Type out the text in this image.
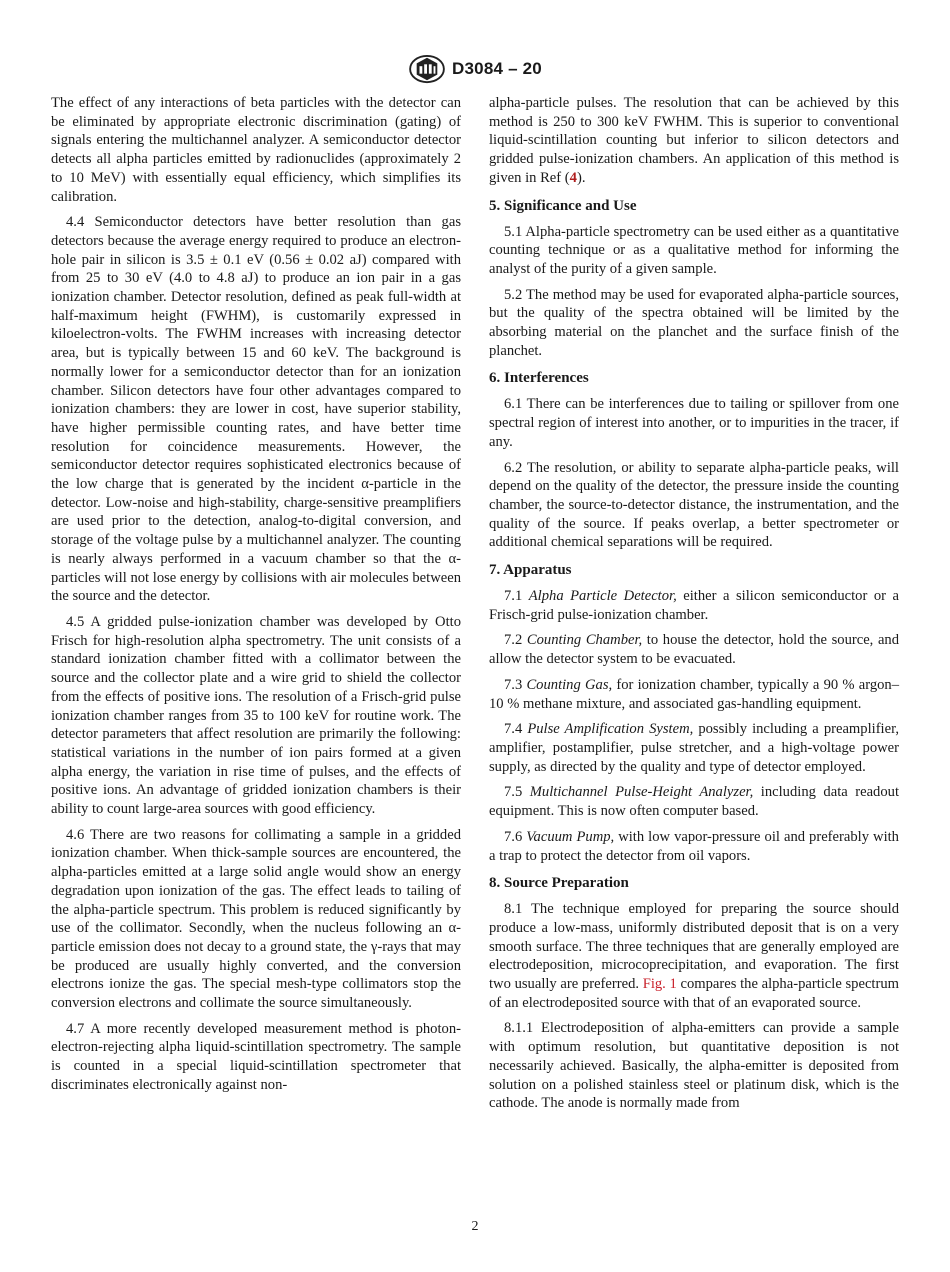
D3084 – 20

The effect of any interactions of beta particles with the detector can be eliminated by appropriate electronic discrimination (gating) of signals entering the multichannel analyzer. A semiconductor detector detects all alpha particles emitted by radionuclides (approximately 2 to 10 MeV) with essentially equal efficiency, which simplifies its calibration.

4.4 Semiconductor detectors have better resolution than gas detectors because the average energy required to produce an electron-hole pair in silicon is 3.5 ± 0.1 eV (0.56 ± 0.02 aJ) compared with from 25 to 30 eV (4.0 to 4.8 aJ) to produce an ion pair in a gas ionization chamber. Detector resolution, defined as peak full-width at half-maximum height (FWHM), is customarily expressed in kiloelectron-volts. The FWHM increases with increasing detector area, but is typically between 15 and 60 keV. The background is normally lower for a semiconductor detector than for an ionization chamber. Silicon detectors have four other advantages compared to ionization chambers: they are lower in cost, have superior stability, have higher permissible counting rates, and have better time resolution for coincidence measurements. However, the semiconductor detector requires sophisticated electronics because of the low charge that is generated by the incident α-particle in the detector. Low-noise and high-stability, charge-sensitive preamplifiers are used prior to the detection, analog-to-digital conversion, and storage of the voltage pulse by a multichannel analyzer. The counting is nearly always performed in a vacuum chamber so that the α-particles will not lose energy by collisions with air molecules between the source and the detector.

4.5 A gridded pulse-ionization chamber was developed by Otto Frisch for high-resolution alpha spectrometry. The unit consists of a standard ionization chamber fitted with a collimator between the source and the collector plate and a wire grid to shield the collector from the effects of positive ions. The resolution of a Frisch-grid pulse ionization chamber ranges from 35 to 100 keV for routine work. The detector parameters that affect resolution are primarily the following: statistical variations in the number of ion pairs formed at a given alpha energy, the variation in rise time of pulses, and the effects of positive ions. An advantage of gridded ionization chambers is their ability to count large-area sources with good efficiency.

4.6 There are two reasons for collimating a sample in a gridded ionization chamber. When thick-sample sources are encountered, the alpha-particles emitted at a large solid angle would show an energy degradation upon ionization of the gas. The effect leads to tailing of the alpha-particle spectrum. This problem is reduced significantly by use of the collimator. Secondly, when the nucleus following an α-particle emission does not decay to a ground state, the γ-rays that may be produced are usually highly converted, and the conversion electrons ionize the gas. The special mesh-type collimators stop the conversion electrons and collimate the source simultaneously.

4.7 A more recently developed measurement method is photon-electron-rejecting alpha liquid-scintillation spectrometry. The sample is counted in a special liquid-scintillation spectrometer that discriminates electronically against non-

alpha-particle pulses. The resolution that can be achieved by this method is 250 to 300 keV FWHM. This is superior to conventional liquid-scintillation counting but inferior to silicon detectors and gridded pulse-ionization chambers. An application of this method is given in Ref (4).

5. Significance and Use

5.1 Alpha-particle spectrometry can be used either as a quantitative counting technique or as a qualitative method for informing the analyst of the purity of a given sample.

5.2 The method may be used for evaporated alpha-particle sources, but the quality of the spectra obtained will be limited by the absorbing material on the planchet and the surface finish of the planchet.

6. Interferences

6.1 There can be interferences due to tailing or spillover from one spectral region of interest into another, or to impurities in the tracer, if any.

6.2 The resolution, or ability to separate alpha-particle peaks, will depend on the quality of the detector, the pressure inside the counting chamber, the source-to-detector distance, the instrumentation, and the quality of the source. If peaks overlap, a better spectrometer or additional chemical separations will be required.

7. Apparatus

7.1 Alpha Particle Detector, either a silicon semiconductor or a Frisch-grid pulse-ionization chamber.

7.2 Counting Chamber, to house the detector, hold the source, and allow the detector system to be evacuated.

7.3 Counting Gas, for ionization chamber, typically a 90 % argon–10 % methane mixture, and associated gas-handling equipment.

7.4 Pulse Amplification System, possibly including a preamplifier, amplifier, postamplifier, pulse stretcher, and a high-voltage power supply, as directed by the quality and type of detector employed.

7.5 Multichannel Pulse-Height Analyzer, including data readout equipment. This is now often computer based.

7.6 Vacuum Pump, with low vapor-pressure oil and preferably with a trap to protect the detector from oil vapors.

8. Source Preparation

8.1 The technique employed for preparing the source should produce a low-mass, uniformly distributed deposit that is on a very smooth surface. The three techniques that are generally employed are electrodeposition, microcoprecipitation, and evaporation. The first two usually are preferred. Fig. 1 compares the alpha-particle spectrum of an electrodeposited source with that of an evaporated source.

8.1.1 Electrodeposition of alpha-emitters can provide a sample with optimum resolution, but quantitative deposition is not necessarily achieved. Basically, the alpha-emitter is deposited from solution on a polished stainless steel or platinum disk, which is the cathode. The anode is normally made from

2
